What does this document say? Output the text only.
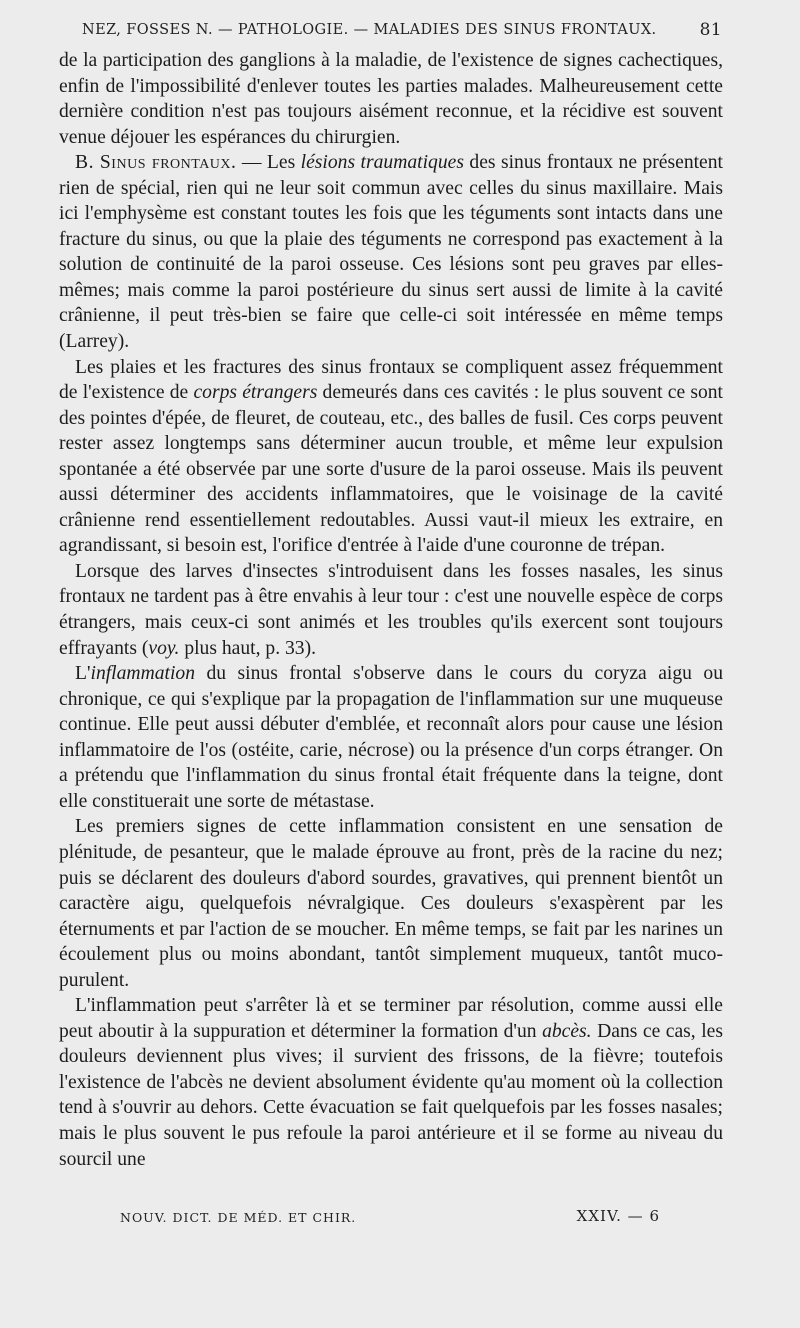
NEZ, FOSSES N. — PATHOLOGIE. — MALADIES DES SINUS FRONTAUX.	81

de la participation des ganglions à la maladie, de l'existence de signes cachectiques, enfin de l'impossibilité d'enlever toutes les parties malades. Malheureusement cette dernière condition n'est pas toujours aisément reconnue, et la récidive est souvent venue déjouer les espérances du chirurgien.

B. Sinus frontaux. — Les lésions traumatiques des sinus frontaux ne présentent rien de spécial, rien qui ne leur soit commun avec celles du sinus maxillaire. Mais ici l'emphysème est constant toutes les fois que les téguments sont intacts dans une fracture du sinus, ou que la plaie des téguments ne correspond pas exactement à la solution de continuité de la paroi osseuse. Ces lésions sont peu graves par elles-mêmes; mais comme la paroi postérieure du sinus sert aussi de limite à la cavité crânienne, il peut très-bien se faire que celle-ci soit intéressée en même temps (Larrey).

Les plaies et les fractures des sinus frontaux se compliquent assez fréquemment de l'existence de corps étrangers demeurés dans ces cavités : le plus souvent ce sont des pointes d'épée, de fleuret, de couteau, etc., des balles de fusil. Ces corps peuvent rester assez longtemps sans déterminer aucun trouble, et même leur expulsion spontanée a été observée par une sorte d'usure de la paroi osseuse. Mais ils peuvent aussi déterminer des accidents inflammatoires, que le voisinage de la cavité crânienne rend essentiellement redoutables. Aussi vaut-il mieux les extraire, en agrandissant, si besoin est, l'orifice d'entrée à l'aide d'une couronne de trépan.

Lorsque des larves d'insectes s'introduisent dans les fosses nasales, les sinus frontaux ne tardent pas à être envahis à leur tour : c'est une nouvelle espèce de corps étrangers, mais ceux-ci sont animés et les troubles qu'ils exercent sont toujours effrayants (voy. plus haut, p. 33).

L'inflammation du sinus frontal s'observe dans le cours du coryza aigu ou chronique, ce qui s'explique par la propagation de l'inflammation sur une muqueuse continue. Elle peut aussi débuter d'emblée, et reconnaît alors pour cause une lésion inflammatoire de l'os (ostéite, carie, nécrose) ou la présence d'un corps étranger. On a prétendu que l'inflammation du sinus frontal était fréquente dans la teigne, dont elle constituerait une sorte de métastase.

Les premiers signes de cette inflammation consistent en une sensation de plénitude, de pesanteur, que le malade éprouve au front, près de la racine du nez; puis se déclarent des douleurs d'abord sourdes, gravatives, qui prennent bientôt un caractère aigu, quelquefois névralgique. Ces douleurs s'exaspèrent par les éternuments et par l'action de se moucher. En même temps, se fait par les narines un écoulement plus ou moins abondant, tantôt simplement muqueux, tantôt muco-purulent.

L'inflammation peut s'arrêter là et se terminer par résolution, comme aussi elle peut aboutir à la suppuration et déterminer la formation d'un abcès. Dans ce cas, les douleurs deviennent plus vives; il survient des frissons, de la fièvre; toutefois l'existence de l'abcès ne devient absolument évidente qu'au moment où la collection tend à s'ouvrir au dehors. Cette évacuation se fait quelquefois par les fosses nasales; mais le plus souvent le pus refoule la paroi antérieure et il se forme au niveau du sourcil une

NOUV. DICT. DE MÉD. ET CHIR.	XXIV. — 6
